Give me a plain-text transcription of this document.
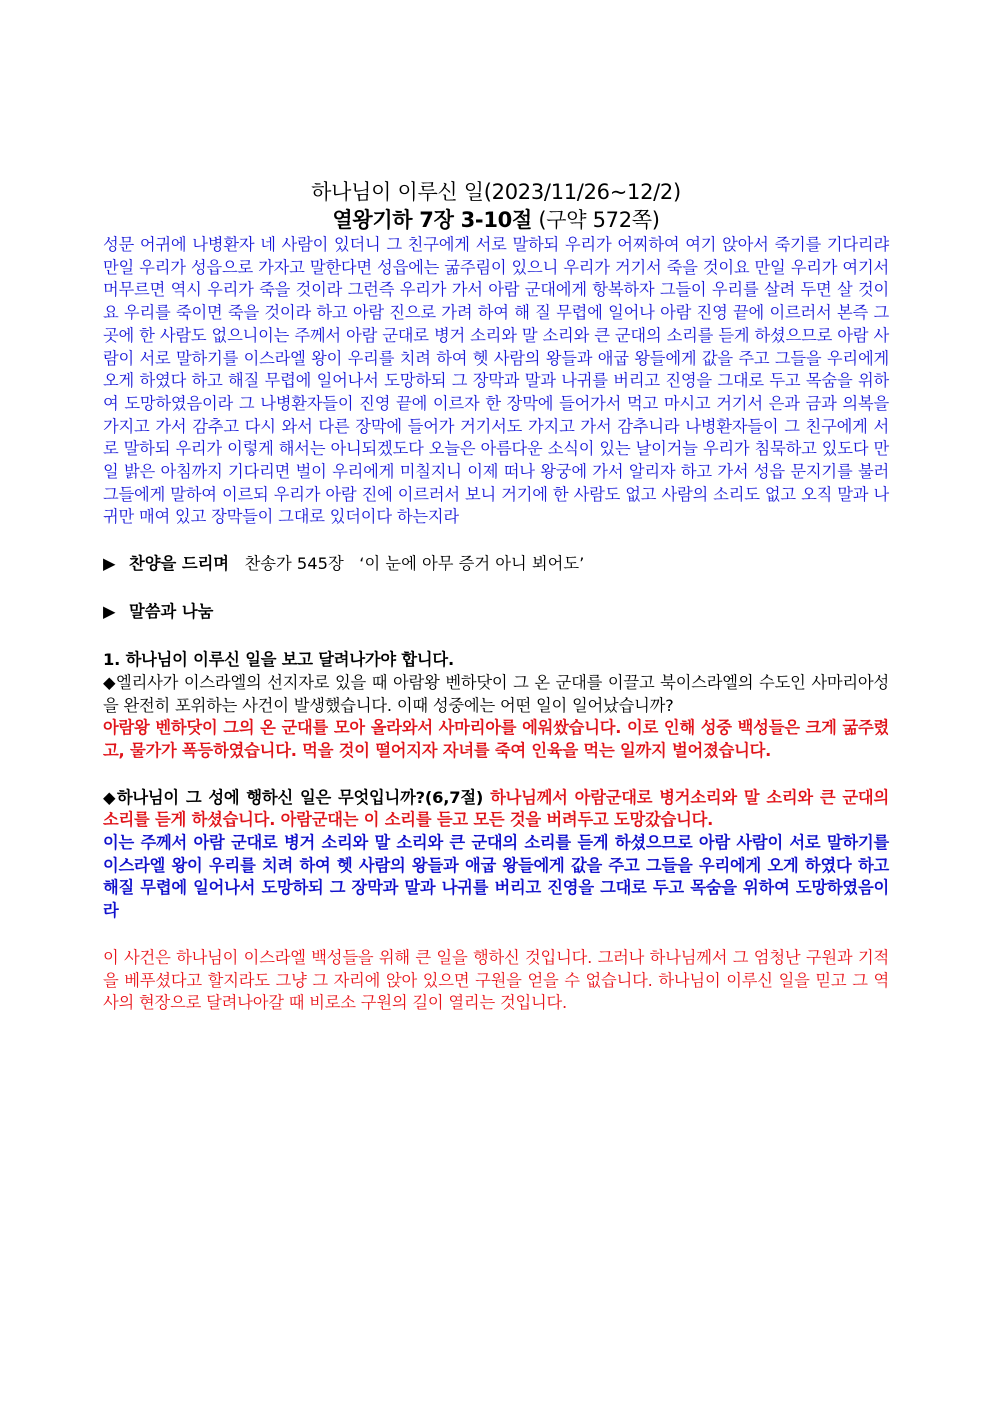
하나님이 이루신 일(2023/11/26~12/2)

열왕기하 7장 3-10절 (구약 572쪽)

성문 어귀에 나병환자 네 사람이 있더니 그 친구에게 서로 말하되 우리가 어찌하여 여기 앉아서 죽기를 기다리랴 만일 우리가 성읍으로 가자고 말한다면 성읍에는 굶주림이 있으니 우리가 거기서 죽을 것이요 만일 우리가 여기서 머무르면 역시 우리가 죽을 것이라 그런즉 우리가 가서 아람 군대에게 항복하자 그들이 우리를 살려 두면 살 것이요 우리를 죽이면 죽을 것이라 하고 아람 진으로 가려 하여 해 질 무렵에 일어나 아람 진영 끝에 이르러서 본즉 그 곳에 한 사람도 없으니이는 주께서 아람 군대로 병거 소리와 말 소리와 큰 군대의 소리를 듣게 하셨으므로 아람 사람이 서로 말하기를 이스라엘 왕이 우리를 치려 하여 헷 사람의 왕들과 애굽 왕들에게 값을 주고 그들을 우리에게 오게 하였다 하고 해질 무렵에 일어나서 도망하되 그 장막과 말과 나귀를 버리고 진영을 그대로 두고 목숨을 위하여 도망하였음이라 그 나병환자들이 진영 끝에 이르자 한 장막에 들어가서 먹고 마시고 거기서 은과 금과 의복을 가지고 가서 감추고 다시 와서 다른 장막에 들어가 거기서도 가지고 가서 감추니라 나병환자들이 그 친구에게 서로 말하되 우리가 이렇게 해서는 아니되겠도다 오늘은 아름다운 소식이 있는 날이거늘 우리가 침묵하고 있도다 만일 밝은 아침까지 기다리면 벌이 우리에게 미칠지니 이제 떠나 왕궁에 가서 알리자 하고 가서 성읍 문지기를 불러 그들에게 말하여 이르되 우리가 아람 진에 이르러서 보니 거기에 한 사람도 없고 사람의 소리도 없고 오직 말과 나귀만 매여 있고 장막들이 그대로 있더이다 하는지라

▶ 찬양을 드리며 찬송가 545장 ‘이 눈에 아무 증거 아니 뵈어도’

▶ 말씀과 나눔

1. 하나님이 이루신 일을 보고 달려나가야 합니다.

◆엘리사가 이스라엘의 선지자로 있을 때 아람왕 벤하닷이 그 온 군대를 이끌고 북이스라엘의 수도인 사마리아성을 완전히 포위하는 사건이 발생했습니다. 이때 성중에는 어떤 일이 일어났습니까?

아람왕 벤하닷이 그의 온 군대를 모아 올라와서 사마리아를 에워쌌습니다. 이로 인해 성중 백성들은 크게 굶주렸고, 물가가 폭등하였습니다. 먹을 것이 떨어지자 자녀를 죽여 인육을 먹는 일까지 벌어졌습니다.

◆하나님이 그 성에 행하신 일은 무엇입니까?(6,7절) 하나님께서 아람군대로 병거소리와 말 소리와 큰 군대의 소리를 듣게 하셨습니다. 아람군대는 이 소리를 듣고 모든 것을 버려두고 도망갔습니다.

이는 주께서 아람 군대로 병거 소리와 말 소리와 큰 군대의 소리를 듣게 하셨으므로 아람 사람이 서로 말하기를 이스라엘 왕이 우리를 치려 하여 헷 사람의 왕들과 애굽 왕들에게 값을 주고 그들을 우리에게 오게 하였다 하고 해질 무렵에 일어나서 도망하되 그 장막과 말과 나귀를 버리고 진영을 그대로 두고 목숨을 위하여 도망하였음이라

이 사건은 하나님이 이스라엘 백성들을 위해 큰 일을 행하신 것입니다. 그러나 하나님께서 그 엄청난 구원과 기적을 베푸셨다고 할지라도 그냥 그 자리에 앉아 있으면 구원을 얻을 수 없습니다. 하나님이 이루신 일을 믿고 그 역사의 현장으로 달려나아갈 때 비로소 구원의 길이 열리는 것입니다.
